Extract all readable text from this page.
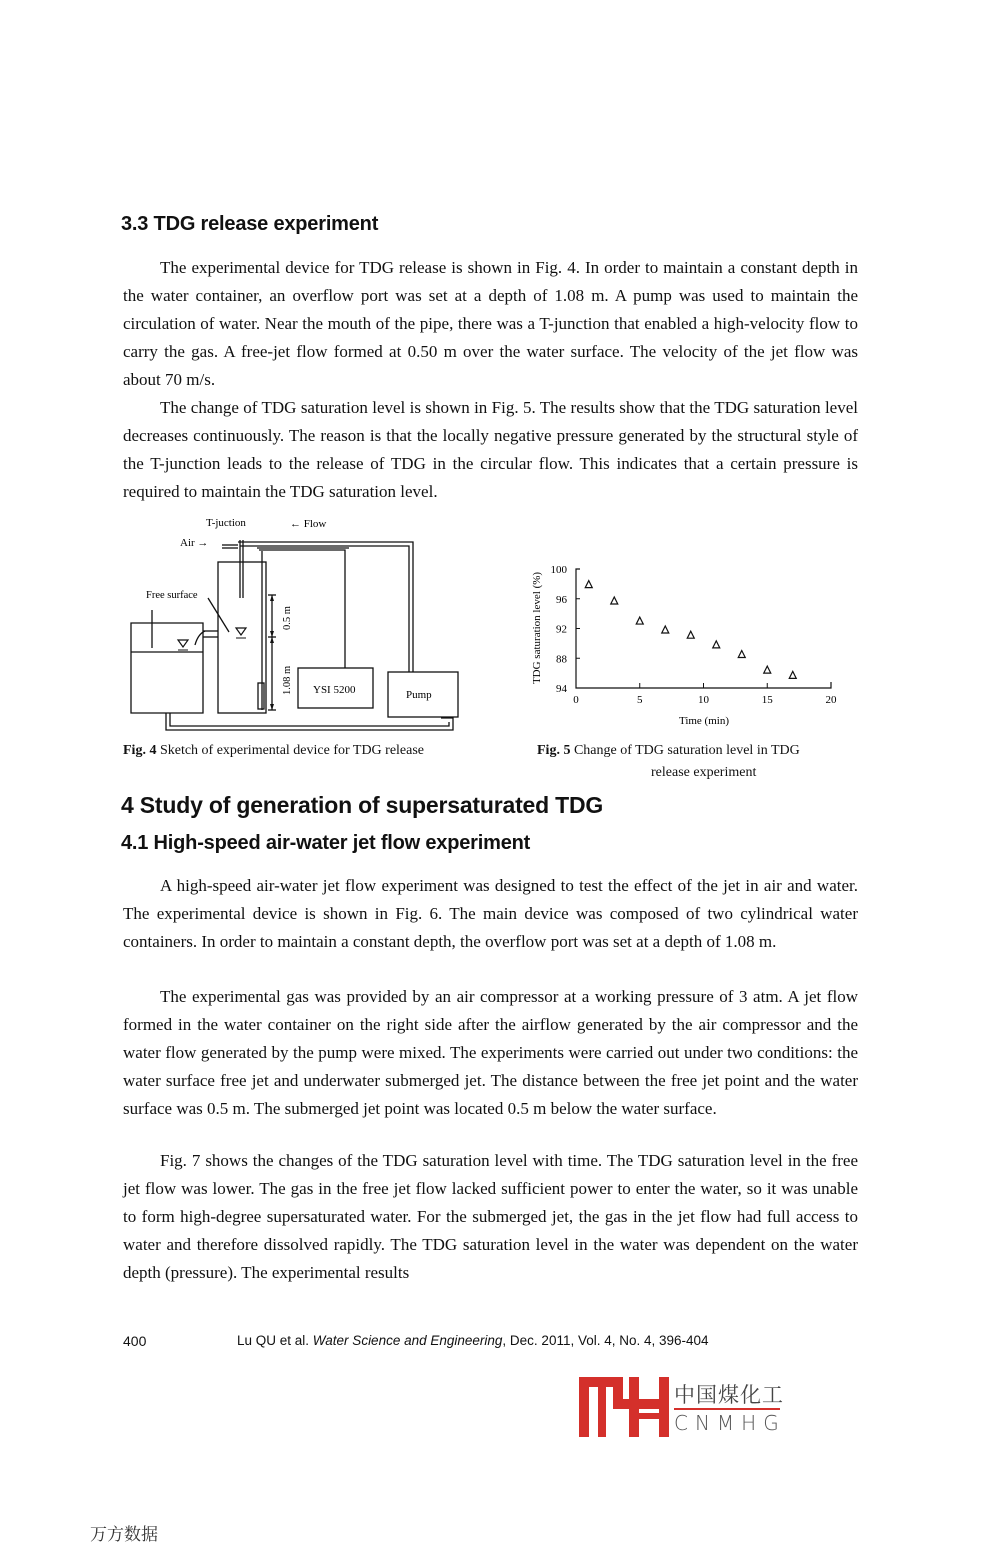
3.3 TDG release experiment

The experimental device for TDG release is shown in Fig. 4. In order to maintain a constant depth in the water container, an overflow port was set at a depth of 1.08 m. A pump was used to maintain the circulation of water. Near the mouth of the pipe, there was a T-junction that enabled a high-velocity flow to carry the gas. A free-jet flow formed at 0.50 m over the water surface. The velocity of the jet flow was about 70 m/s.

The change of TDG saturation level is shown in Fig. 5. The results show that the TDG saturation level decreases continuously. The reason is that the locally negative pressure generated by the structural style of the T-junction leads to the release of TDG in the circular flow. This indicates that a certain pressure is required to maintain the TDG saturation level.

T-juction	← Flow
Air →
Free surface
0.5 m
1.08 m YSI 5200	Pump	94
88
92
96
100
0	5	10	15	20
Time (min)
TDG saturation level (%)
Fig. 4 Sketch of experimental device for TDG release	Fig. 5 Change of TDG saturation level in TDG
release experiment
4 Study of generation of supersaturated TDG
4.1 High-speed air-water jet flow experiment

A high-speed air-water jet flow experiment was designed to test the effect of the jet in air and water. The experimental device is shown in Fig. 6. The main device was composed of two cylindrical water containers. In order to maintain a constant depth, the overflow port was set at a depth of 1.08 m.

The experimental gas was provided by an air compressor at a working pressure of 3 atm. A jet flow formed in the water container on the right side after the airflow generated by the air compressor and the water flow generated by the pump were mixed. The experiments were carried out under two conditions: the water surface free jet and underwater submerged jet. The distance between the free jet point and the water surface was 0.5 m. The submerged jet point was located 0.5 m below the water surface.

Fig. 7 shows the changes of the TDG saturation level with time. The TDG saturation level in the free jet flow was lower. The gas in the free jet flow lacked sufficient power to enter the water, so it was unable to form high-degree supersaturated water. For the submerged jet, the gas in the jet flow had full access to water and therefore dissolved rapidly. The TDG saturation level in the water was dependent on the water depth (pressure). The experimental results

400	Lu QU et al. Water Science and Engineering, Dec. 2011, Vol. 4, No. 4, 396-404
中国煤化工
CNMHG
万方数据
